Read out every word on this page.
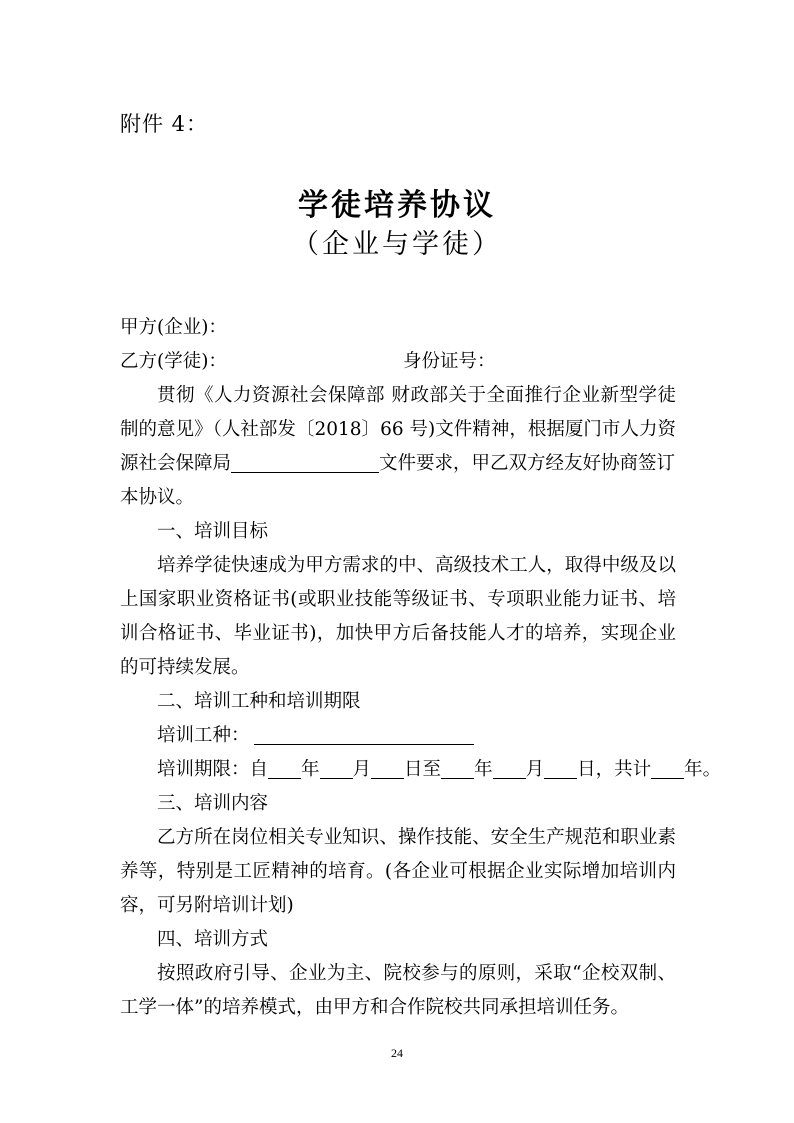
附件 4：
学徒培养协议
（企业与学徒）
甲方(企业)：
乙方(学徒)：	身份证号：
贯彻《人力资源社会保障部 财政部关于全面推行企业新型学徒
制的意见》（人社部发〔2018〕66 号)文件精神，根据厦门市人力资
源社会保障局	文件要求，甲乙双方经友好协商签订
本协议。
一、培训目标
培养学徒快速成为甲方需求的中、高级技术工人，取得中级及以
上国家职业资格证书(或职业技能等级证书、专项职业能力证书、培
训合格证书、毕业证书)，加快甲方后备技能人才的培养，实现企业
的可持续发展。
二、培训工种和培训期限
培训工种：
培训期限：自 年 月 日至 年 月 日，共计 年。
三、培训内容
乙方所在岗位相关专业知识、操作技能、安全生产规范和职业素
养等，特别是工匠精神的培育。(各企业可根据企业实际增加培训内
容，可另附培训计划)
四、培训方式
按照政府引导、企业为主、院校参与的原则，采取“企校双制、
工学一体”的培养模式，由甲方和合作院校共同承担培训任务。
24
